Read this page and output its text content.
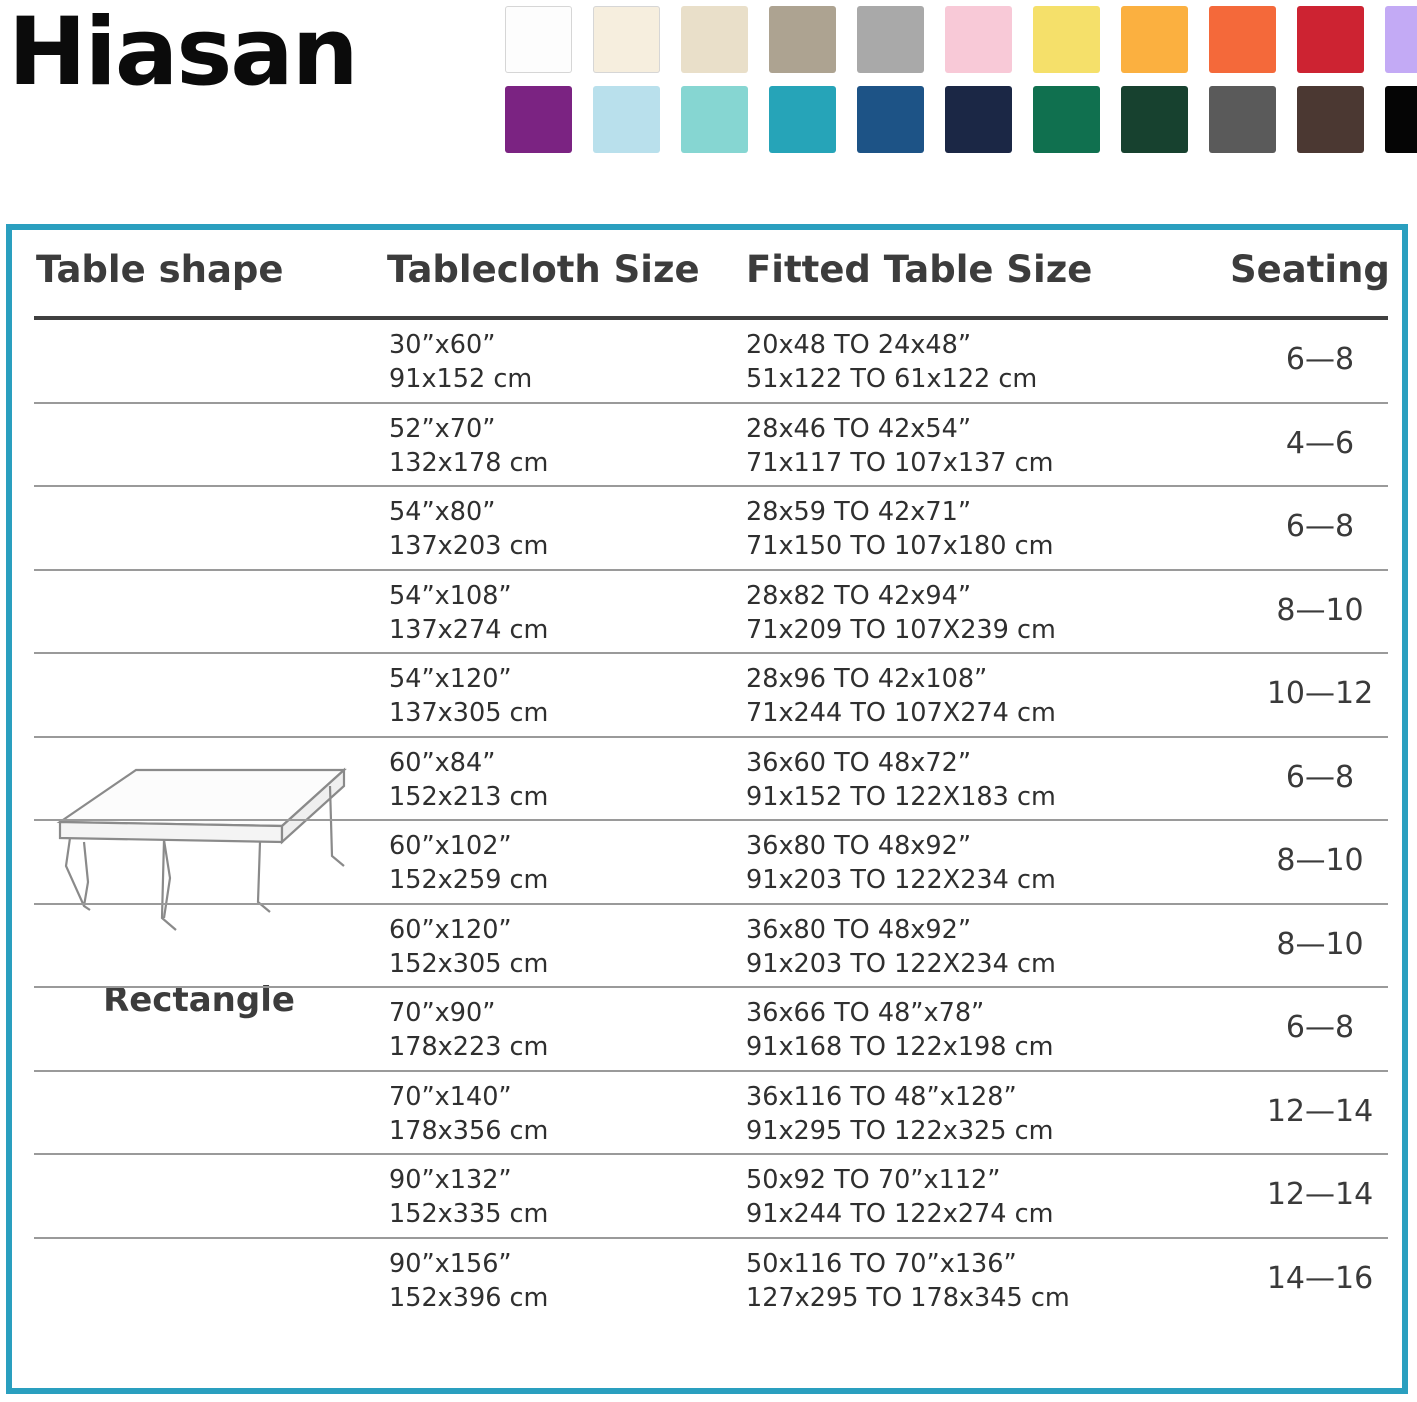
Hiasan
Table shape	Tablecloth Size Fitted Table Size	Seating
Rectangle
30”x60”
91x152 cm
20x48 TO 24x48”
51x122 TO 61x122 cm
6—8
52”x70”
132x178 cm
28x46 TO 42x54”
71x117 TO 107x137 cm
4—6
54”x80”
137x203 cm
28x59 TO 42x71”
71x150 TO 107x180 cm
6—8
54”x108”
137x274 cm
28x82 TO 42x94”
71x209 TO 107X239 cm
8—10
54”x120”
137x305 cm
28x96 TO 42x108”
71x244 TO 107X274 cm
10—12
60”x84”
152x213 cm
36x60 TO 48x72”
91x152 TO 122X183 cm
6—8
60”x102”
152x259 cm
36x80 TO 48x92”
91x203 TO 122X234 cm
8—10
60”x120”
152x305 cm
36x80 TO 48x92”
91x203 TO 122X234 cm
8—10
70”x90”
178x223 cm
36x66 TO 48”x78”
91x168 TO 122x198 cm
6—8
70”x140”
178x356 cm
36x116 TO 48”x128”
91x295 TO 122x325 cm
12—14
90”x132”
152x335 cm
50x92 TO 70”x112”
91x244 TO 122x274 cm
12—14
90”x156”
152x396 cm
50x116 TO 70”x136”
127x295 TO 178x345 cm
14—16
